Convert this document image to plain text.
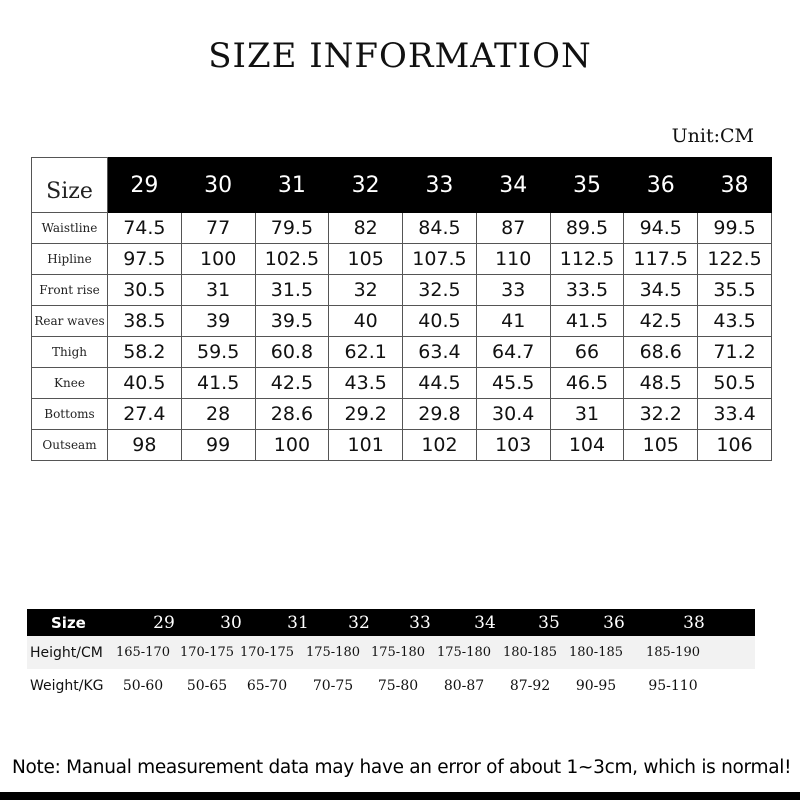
SIZE INFORMATION
Unit:CM
Size	29	30	31	32	33	34	35	36	38
Waistline	74.5	77	79.5	82	84.5	87	89.5	94.5	99.5
Hipline	97.5	100	102.5	105	107.5	110	112.5	117.5	122.5
Front rise	30.5	31	31.5	32	32.5	33	33.5	34.5	35.5
Rear waves	38.5	39	39.5	40	40.5	41	41.5	42.5	43.5
Thigh	58.2	59.5	60.8	62.1	63.4	64.7	66	68.6	71.2
Knee	40.5	41.5	42.5	43.5	44.5	45.5	46.5	48.5	50.5
Bottoms	27.4	28	28.6	29.2	29.8	30.4	31	32.2	33.4
Outseam	98	99	100	101	102	103	104	105	106
Size	29	30	31	32	33	34	35	36	38
Height/CM	165-170 170-175 170-175 175-180 175-180 175-180 180-185 180-185	185-190
Weight/KG	50-60	50-65	65-70	70-75	75-80	80-87	87-92	90-95	95-110
Note: Manual measurement data may have an error of about 1~3cm, which is normal!
